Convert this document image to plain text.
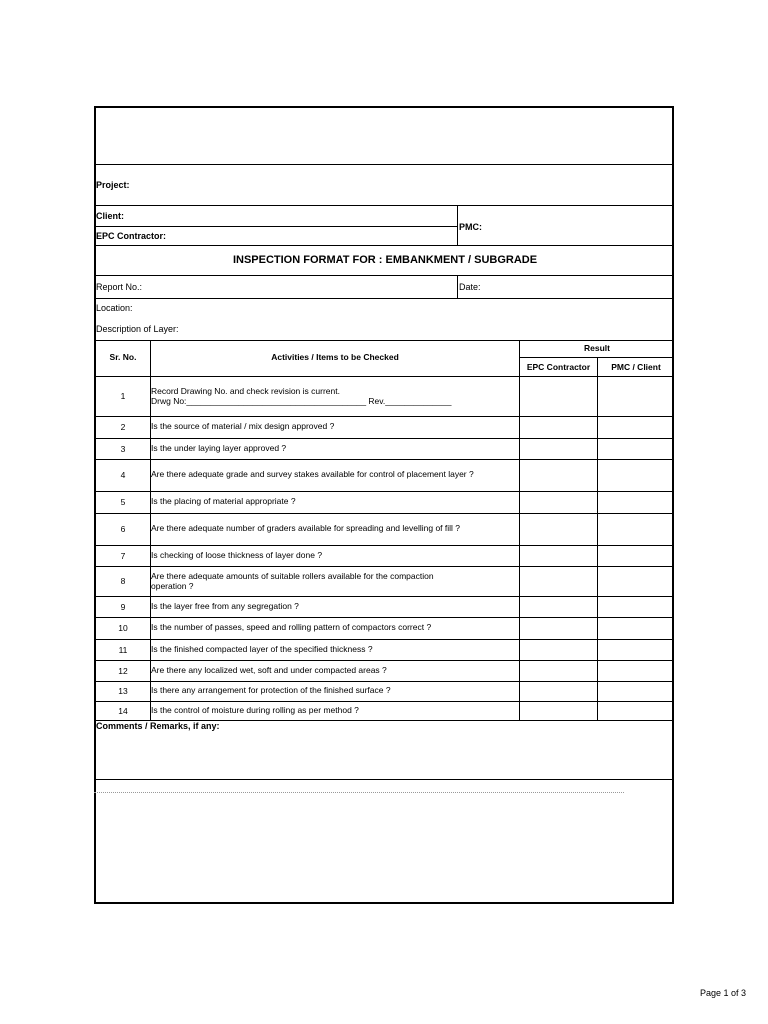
Project:
Client:
EPC Contractor:
PMC:
INSPECTION FORMAT FOR : EMBANKMENT / SUBGRADE
Report No.:	Date:
Location:
Description of Layer:
Sr. No.	Activities / Items to be Checked
Result
EPC Contractor	PMC / Client
1	Record Drawing No. and check revision is current.
Drwg No:______________________________________ Rev.______________
2	Is the source of material / mix design approved ?
3	Is the under laying layer approved ?
4	Are there adequate grade and survey stakes available for control of placement layer ?
5	Is the placing of material appropriate ?
6	Are there adequate number of graders available for spreading and levelling of fill ?
7	Is checking of loose thickness of layer done ?
8	Are there adequate amounts of suitable rollers available for the compaction
operation ?
9	Is the layer free from any segregation ?
10	Is the number of passes, speed and rolling pattern of compactors correct ?
11	Is the finished compacted layer of the specified thickness ?
12	Are there any localized wet, soft and under compacted areas ?
13	Is there any arrangement for protection of the finished surface ?
14	Is the control of moisture during rolling as per method ?
Comments / Remarks, if any:
Page 1 of 3
